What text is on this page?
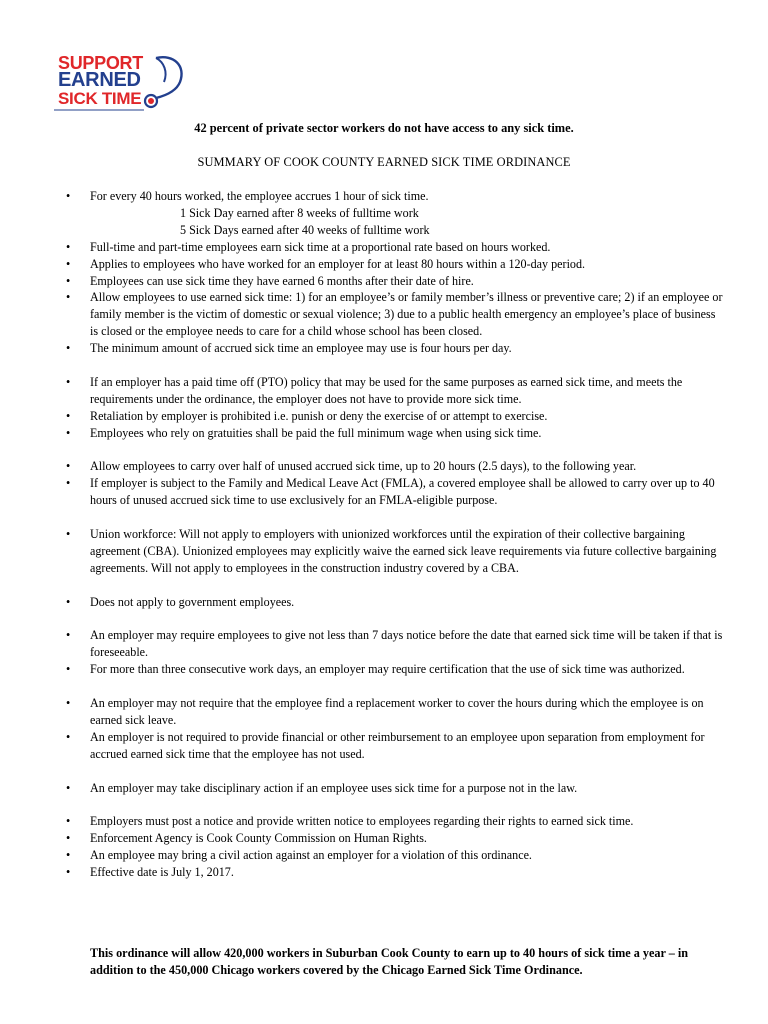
SUPPORT
EARNED
SICK TIME
42 percent of private sector workers do not have access to any sick time.
SUMMARY OF COOK COUNTY EARNED SICK TIME ORDINANCE
• For every 40 hours worked, the employee accrues 1 hour of sick time.
1 Sick Day earned after 8 weeks of fulltime work
5 Sick Days earned after 40 weeks of fulltime work
• Full-time and part-time employees earn sick time at a proportional rate based on hours worked.
• Applies to employees who have worked for an employer for at least 80 hours within a 120-day period.
• Employees can use sick time they have earned 6 months after their date of hire.
• Allow employees to use earned sick time: 1) for an employee’s or family member’s illness or preventive care; 2) if an employee or family member is the victim of domestic or sexual violence; 3) due to a public health emergency an employee’s place of business is closed or the employee needs to care for a child whose school has been closed.
• The minimum amount of accrued sick time an employee may use is four hours per day.
• If an employer has a paid time off (PTO) policy that may be used for the same purposes as earned sick time, and meets the requirements under the ordinance, the employer does not have to provide more sick time.
• Retaliation by employer is prohibited i.e. punish or deny the exercise of or attempt to exercise.
• Employees who rely on gratuities shall be paid the full minimum wage when using sick time.
• Allow employees to carry over half of unused accrued sick time, up to 20 hours (2.5 days), to the following year.
• If employer is subject to the Family and Medical Leave Act (FMLA), a covered employee shall be allowed to carry over up to 40 hours of unused accrued sick time to use exclusively for an FMLA-eligible purpose.
• Union workforce: Will not apply to employers with unionized workforces until the expiration of their collective bargaining agreement (CBA). Unionized employees may explicitly waive the earned sick leave requirements via future collective bargaining agreements. Will not apply to employees in the construction industry covered by a CBA.
• Does not apply to government employees.
• An employer may require employees to give not less than 7 days notice before the date that earned sick time will be taken if that is foreseeable.
• For more than three consecutive work days, an employer may require certification that the use of sick time was authorized.
• An employer may not require that the employee find a replacement worker to cover the hours during which the employee is on earned sick leave.
• An employer is not required to provide financial or other reimbursement to an employee upon separation from employment for accrued earned sick time that the employee has not used.
• An employer may take disciplinary action if an employee uses sick time for a purpose not in the law.
• Employers must post a notice and provide written notice to employees regarding their rights to earned sick time.
• Enforcement Agency is Cook County Commission on Human Rights.
• An employee may bring a civil action against an employer for a violation of this ordinance.
• Effective date is July 1, 2017.
This ordinance will allow 420,000 workers in Suburban Cook County to earn up to 40 hours of sick time a year – in addition to the 450,000 Chicago workers covered by the Chicago Earned Sick Time Ordinance.
